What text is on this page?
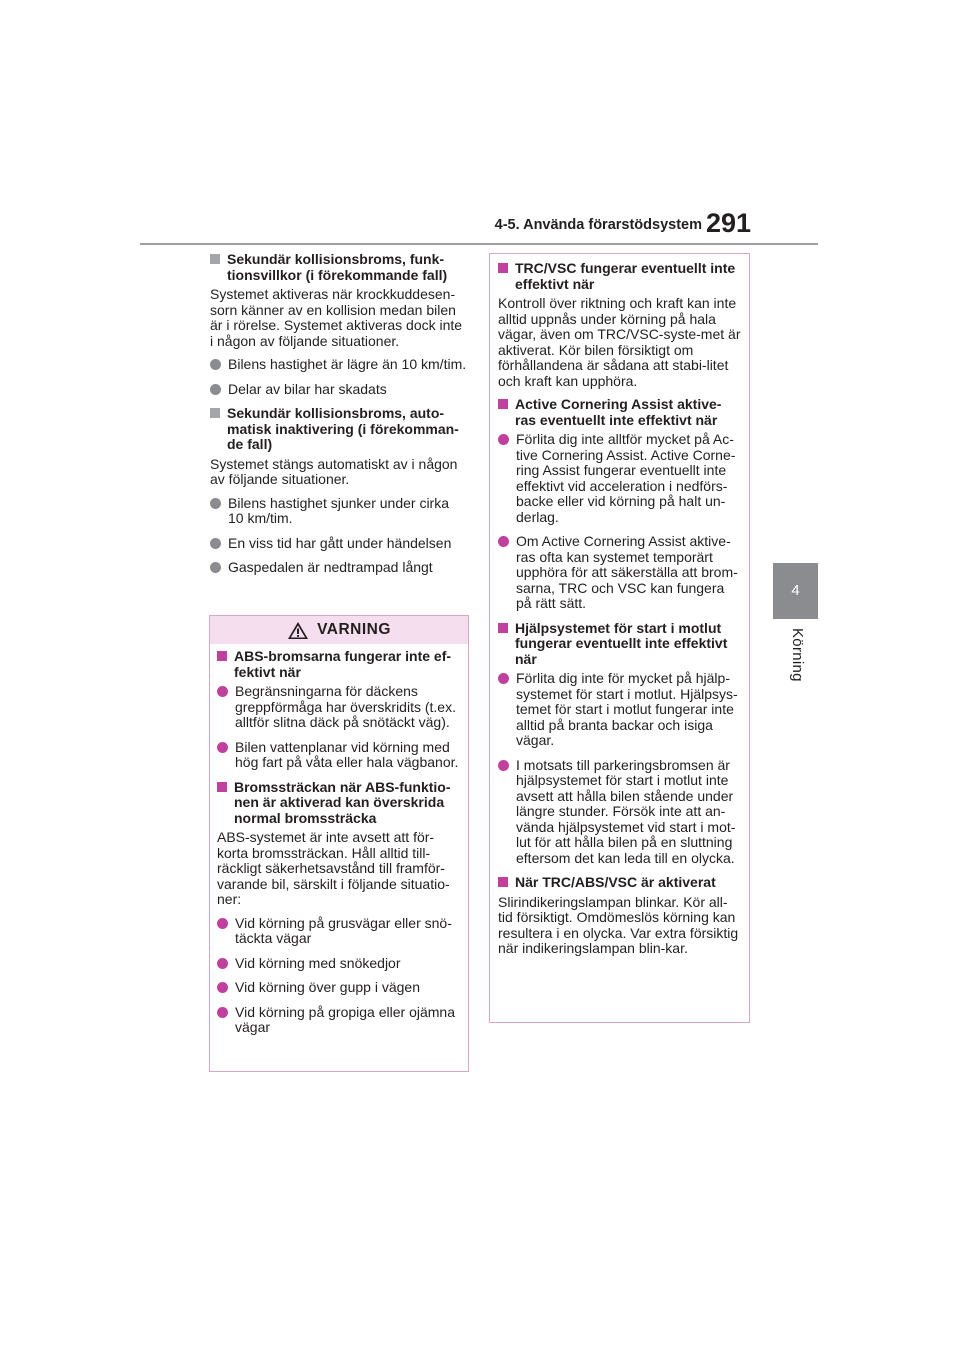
4-5. Använda förarstödsystem 291
4
Körning
Sekundär kollisionsbroms, funk-tionsvillkor (i förekommande fall)
Systemet aktiveras när krockkuddesen-sorn känner av en kollision medan bilen är i rörelse. Systemet aktiveras dock inte i någon av följande situationer.
Bilens hastighet är lägre än 10 km/tim.
Delar av bilar har skadats
Sekundär kollisionsbroms, auto-matisk inaktivering (i förekomman-de fall)
Systemet stängs automatiskt av i någon av följande situationer.
Bilens hastighet sjunker under cirka 10 km/tim.
En viss tid har gått under händelsen
Gaspedalen är nedtrampad långt
VARNING
ABS-bromsarna fungerar inte ef-fektivt när
Begränsningarna för däckens greppförmåga har överskridits (t.ex. alltför slitna däck på snötäckt väg).
Bilen vattenplanar vid körning med hög fart på våta eller hala vägbanor.
Bromssträckan när ABS-funktio-nen är aktiverad kan överskrida normal bromssträcka
ABS-systemet är inte avsett att för-korta bromssträckan. Håll alltid till-räckligt säkerhetsavstånd till framför-varande bil, särskilt i följande situatio-ner:
Vid körning på grusvägar eller snö-täckta vägar
Vid körning med snökedjor
Vid körning över gupp i vägen
Vid körning på gropiga eller ojämna vägar
TRC/VSC fungerar eventuellt inte effektivt när
Kontroll över riktning och kraft kan inte alltid uppnås under körning på hala vägar, även om TRC/VSC-syste-met är aktiverat. Kör bilen försiktigt om förhållandena är sådana att stabi-litet och kraft kan upphöra.
Active Cornering Assist aktive-ras eventuellt inte effektivt när
Förlita dig inte alltför mycket på Ac-tive Cornering Assist. Active Corne-ring Assist fungerar eventuellt inte effektivt vid acceleration i nedförs-backe eller vid körning på halt un-derlag.
Om Active Cornering Assist aktive-ras ofta kan systemet temporärt upphöra för att säkerställa att brom-sarna, TRC och VSC kan fungera på rätt sätt.
Hjälpsystemet för start i motlut fungerar eventuellt inte effektivt när
Förlita dig inte för mycket på hjälp-systemet för start i motlut. Hjälpsys-temet för start i motlut fungerar inte alltid på branta backar och isiga vägar.
I motsats till parkeringsbromsen är hjälpsystemet för start i motlut inte avsett att hålla bilen stående under längre stunder. Försök inte att an-vända hjälpsystemet vid start i mot-lut för att hålla bilen på en sluttning eftersom det kan leda till en olycka.
När TRC/ABS/VSC är aktiverat
Slirindikeringslampan blinkar. Kör all-tid försiktigt. Omdömeslös körning kan resultera i en olycka. Var extra försiktig när indikeringslampan blin-kar.
